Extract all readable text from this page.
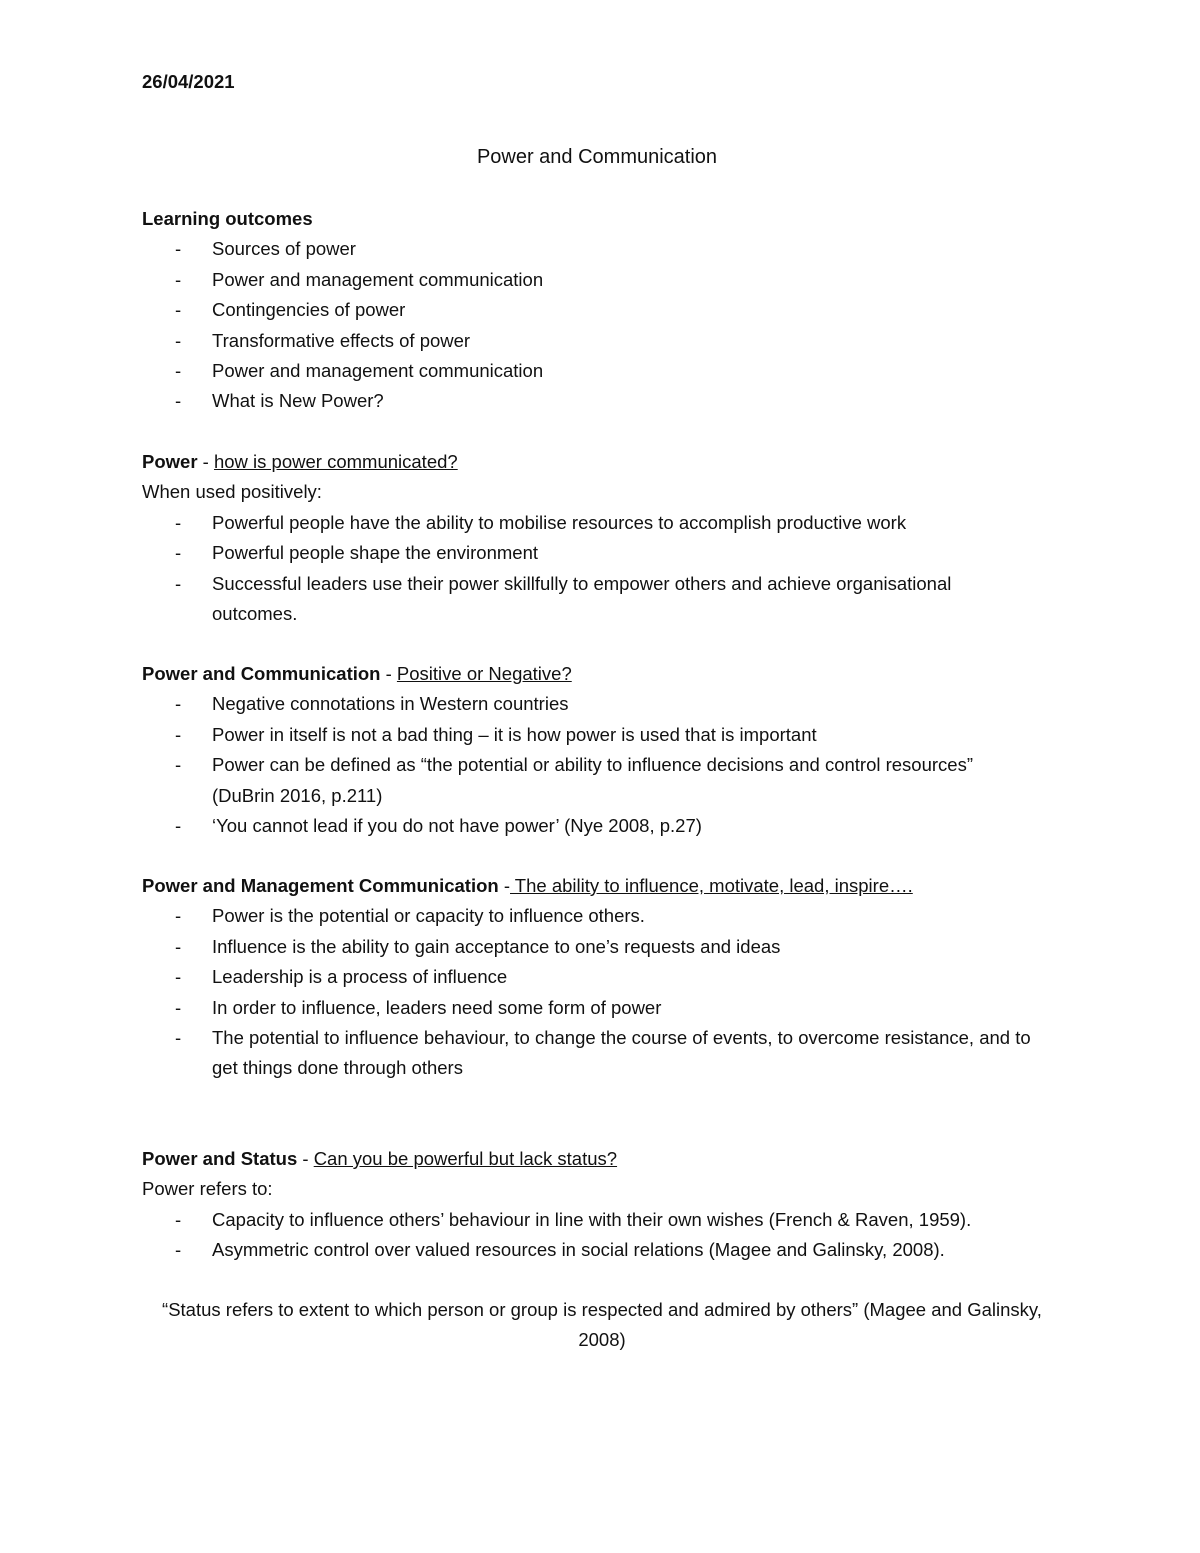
26/04/2021

Power and Communication

Learning outcomes

- Sources of power
- Power and management communication
- Contingencies of power
- Transformative effects of power
- Power and management communication
- What is New Power?

Power - how is power communicated?

When used positively:

- Powerful people have the ability to mobilise resources to accomplish productive work
- Powerful people shape the environment
- Successful leaders use their power skillfully to empower others and achieve organisational outcomes.

Power and Communication - Positive or Negative?

- Negative connotations in Western countries
- Power in itself is not a bad thing – it is how power is used that is important
- Power can be defined as “the potential or ability to influence decisions and control resources” (DuBrin 2016, p.211)
- ‘You cannot lead if you do not have power’ (Nye 2008, p.27)

Power and Management Communication - The ability to influence, motivate, lead, inspire….

- Power is the potential or capacity to influence others.
- Influence is the ability to gain acceptance to one’s requests and ideas
- Leadership is a process of influence
- In order to influence, leaders need some form of power
- The potential to influence behaviour, to change the course of events, to overcome resistance, and to get things done through others

Power and Status - Can you be powerful but lack status?

Power refers to:

- Capacity to influence others’ behaviour in line with their own wishes (French & Raven, 1959).
- Asymmetric control over valued resources in social relations (Magee and Galinsky, 2008).

“Status refers to extent to which person or group is respected and admired by others” (Magee and Galinsky, 2008)
